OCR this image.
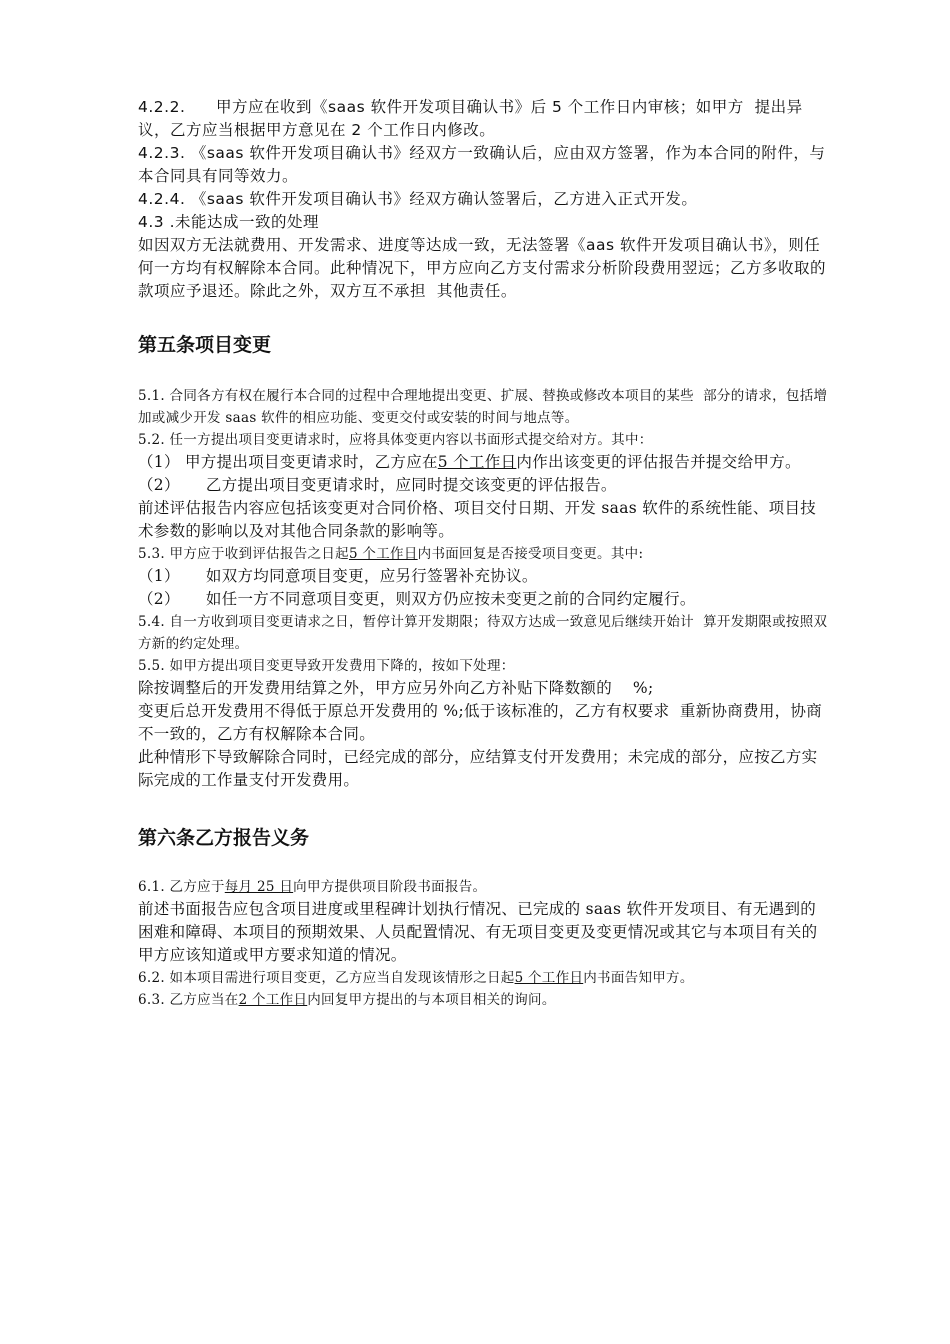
4.2.2. 甲方应在收到《saas 软件开发项目确认书》后 5 个工作日内审核；如甲方  提出异议，乙方应当根据甲方意见在 2 个工作日内修改。

4.2.3. 《saas 软件开发项目确认书》经双方一致确认后，应由双方签署，作为本合同的附件，与本合同具有同等效力。

4.2.4. 《saas 软件开发项目确认书》经双方确认签署后，乙方进入正式开发。

4.3 .未能达成一致的处理

如因双方无法就费用、开发需求、进度等达成一致，无法签署《aas 软件开发项目确认书》，则任何一方均有权解除本合同。此种情况下，甲方应向乙方支付需求分析阶段费用翌远；乙方多收取的款项应予退还。除此之外，双方互不承担  其他责任。

第五条项目变更

5.1. 合同各方有权在履行本合同的过程中合理地提出变更、扩展、替换或修改本项目的某些  部分的请求，包括增加或减少开发 saas 软件的相应功能、变更交付或安装的时间与地点等。

5.2. 任一方提出项目变更请求时，应将具体变更内容以书面形式提交给对方。其中：

（1） 甲方提出项目变更请求时，乙方应在5 个工作日内作出该变更的评估报告并提交给甲方。

（2）     乙方提出项目变更请求时，应同时提交该变更的评估报告。

前述评估报告内容应包括该变更对合同价格、项目交付日期、开发 saas 软件的系统性能、项目技术参数的影响以及对其他合同条款的影响等。

5.3. 甲方应于收到评估报告之日起5 个工作日内书面回复是否接受项目变更。其中:

（1）     如双方均同意项目变更，应另行签署补充协议。

（2）     如任一方不同意项目变更，则双方仍应按未变更之前的合同约定履行。

5.4. 自一方收到项目变更请求之日，暂停计算开发期限；待双方达成一致意见后继续开始计  算开发期限或按照双方新的约定处理。

5.5. 如甲方提出项目变更导致开发费用下降的，按如下处理：

除按调整后的开发费用结算之外，甲方应另外向乙方补贴下降数额的    %;

变更后总开发费用不得低于原总开发费用的 %;低于该标准的，乙方有权要求  重新协商费用，协商不一致的，乙方有权解除本合同。

此种情形下导致解除合同时，已经完成的部分，应结算支付开发费用；未完成的部分，应按乙方实际完成的工作量支付开发费用。

第六条乙方报告义务

6.1. 乙方应于每月 25 日向甲方提供项目阶段书面报告。

前述书面报告应包含项目进度或里程碑计划执行情况、已完成的 saas 软件开发项目、有无遇到的困难和障碍、本项目的预期效果、人员配置情况、有无项目变更及变更情况或其它与本项目有关的甲方应该知道或甲方要求知道的情况。

6.2. 如本项目需进行项目变更，乙方应当自发现该情形之日起5 个工作日内书面告知甲方。

6.3. 乙方应当在2 个工作日内回复甲方提出的与本项目相关的询问。
